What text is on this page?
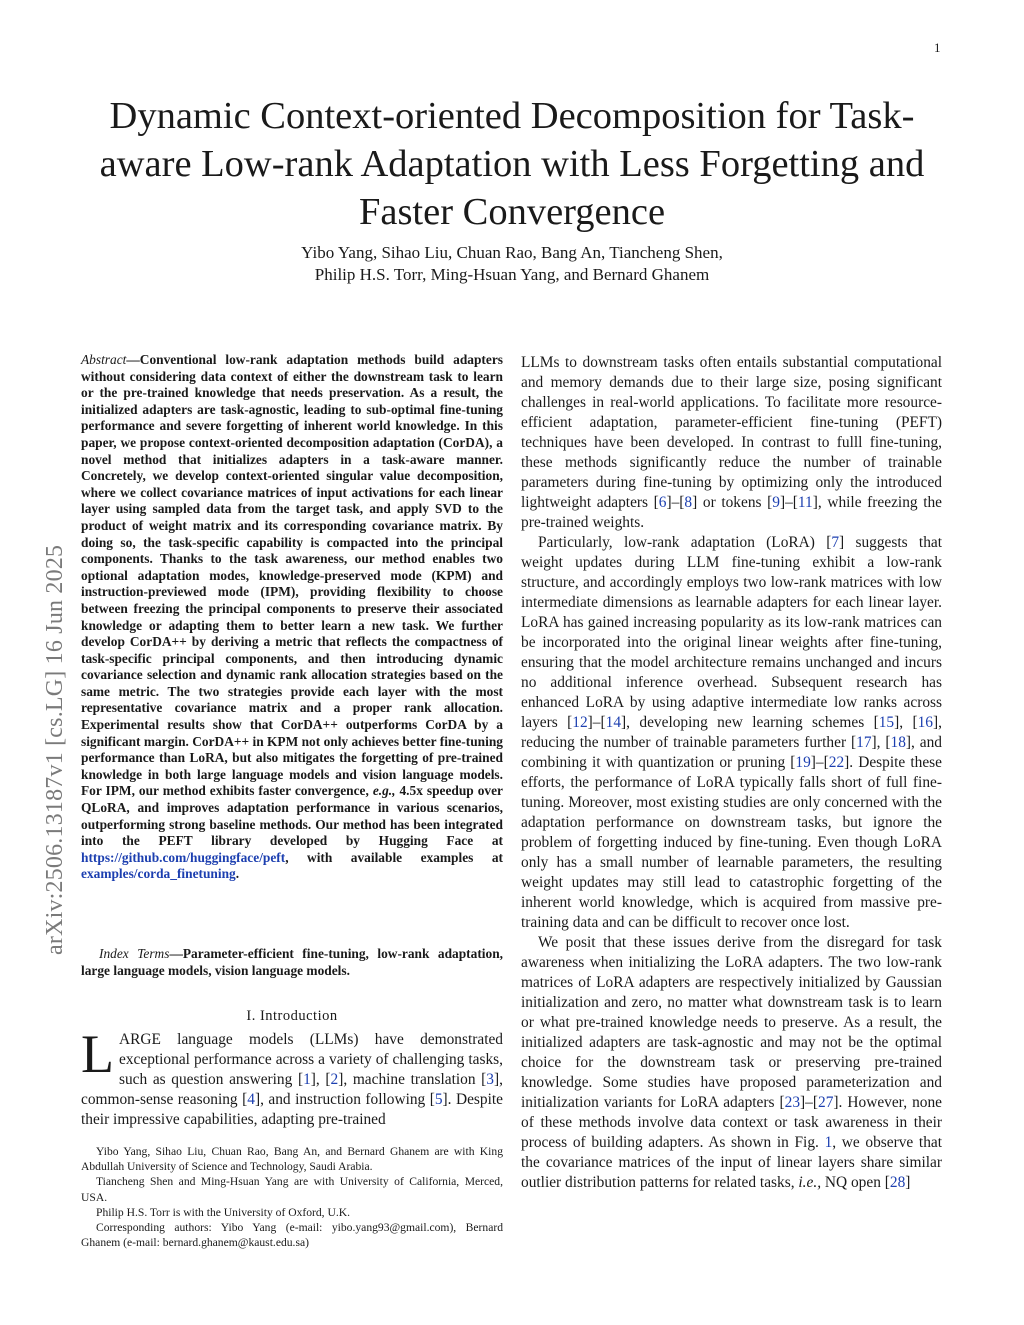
1
arXiv:2506.13187v1 [cs.LG] 16 Jun 2025
Dynamic Context-oriented Decomposition for Task-aware Low-rank Adaptation with Less Forgetting and Faster Convergence
Yibo Yang, Sihao Liu, Chuan Rao, Bang An, Tiancheng Shen,
Philip H.S. Torr, Ming-Hsuan Yang, and Bernard Ghanem
Abstract—Conventional low-rank adaptation methods build adapters without considering data context of either the downstream task to learn or the pre-trained knowledge that needs preservation. As a result, the initialized adapters are task-agnostic, leading to sub-optimal fine-tuning performance and severe forgetting of inherent world knowledge. In this paper, we propose context-oriented decomposition adaptation (CorDA), a novel method that initializes adapters in a task-aware manner. Concretely, we develop context-oriented singular value decomposition, where we collect covariance matrices of input activations for each linear layer using sampled data from the target task, and apply SVD to the product of weight matrix and its corresponding covariance matrix. By doing so, the task-specific capability is compacted into the principal components. Thanks to the task awareness, our method enables two optional adaptation modes, knowledge-preserved mode (KPM) and instruction-previewed mode (IPM), providing flexibility to choose between freezing the principal components to preserve their associated knowledge or adapting them to better learn a new task. We further develop CorDA++ by deriving a metric that reflects the compactness of task-specific principal components, and then introducing dynamic covariance selection and dynamic rank allocation strategies based on the same metric. The two strategies provide each layer with the most representative covariance matrix and a proper rank allocation. Experimental results show that CorDA++ outperforms CorDA by a significant margin. CorDA++ in KPM not only achieves better fine-tuning performance than LoRA, but also mitigates the forgetting of pre-trained knowledge in both large language models and vision language models. For IPM, our method exhibits faster convergence, e.g., 4.5x speedup over QLoRA, and improves adaptation performance in various scenarios, outperforming strong baseline methods. Our method has been integrated into the PEFT library developed by Hugging Face at https://github.com/huggingface/peft, with available examples at examples/corda_finetuning.
Index Terms—Parameter-efficient fine-tuning, low-rank adaptation, large language models, vision language models.
I. Introduction
LARGE language models (LLMs) have demonstrated exceptional performance across a variety of challenging tasks, such as question answering [1], [2], machine translation [3], common-sense reasoning [4], and instruction following [5]. Despite their impressive capabilities, adapting pre-trained

Yibo Yang, Sihao Liu, Chuan Rao, Bang An, and Bernard Ghanem are with King Abdullah University of Science and Technology, Saudi Arabia.

Tiancheng Shen and Ming-Hsuan Yang are with University of California, Merced, USA.

Philip H.S. Torr is with the University of Oxford, U.K.

Corresponding authors: Yibo Yang (e-mail: yibo.yang93@gmail.com), Bernard Ghanem (e-mail: bernard.ghanem@kaust.edu.sa)

LLMs to downstream tasks often entails substantial computational and memory demands due to their large size, posing significant challenges in real-world applications. To facilitate more resource-efficient adaptation, parameter-efficient fine-tuning (PEFT) techniques have been developed. In contrast to fulll fine-tuning, these methods significantly reduce the number of trainable parameters during fine-tuning by optimizing only the introduced lightweight adapters [6]–[8] or tokens [9]–[11], while freezing the pre-trained weights.

Particularly, low-rank adaptation (LoRA) [7] suggests that weight updates during LLM fine-tuning exhibit a low-rank structure, and accordingly employs two low-rank matrices with low intermediate dimensions as learnable adapters for each linear layer. LoRA has gained increasing popularity as its low-rank matrices can be incorporated into the original linear weights after fine-tuning, ensuring that the model architecture remains unchanged and incurs no additional inference overhead. Subsequent research has enhanced LoRA by using adaptive intermediate low ranks across layers [12]–[14], developing new learning schemes [15], [16], reducing the number of trainable parameters further [17], [18], and combining it with quantization or pruning [19]–[22]. Despite these efforts, the performance of LoRA typically falls short of full fine-tuning. Moreover, most existing studies are only concerned with the adaptation performance on downstream tasks, but ignore the problem of forgetting induced by fine-tuning. Even though LoRA only has a small number of learnable parameters, the resulting weight updates may still lead to catastrophic forgetting of the inherent world knowledge, which is acquired from massive pre-training data and can be difficult to recover once lost.

We posit that these issues derive from the disregard for task awareness when initializing the LoRA adapters. The two low-rank matrices of LoRA adapters are respectively initialized by Gaussian initialization and zero, no matter what downstream task is to learn or what pre-trained knowledge needs to preserve. As a result, the initialized adapters are task-agnostic and may not be the optimal choice for the downstream task or preserving pre-trained knowledge. Some studies have proposed parameterization and initialization variants for LoRA adapters [23]–[27]. However, none of these methods involve data context or task awareness in their process of building adapters. As shown in Fig. 1, we observe that the covariance matrices of the input of linear layers share similar outlier distribution patterns for related tasks, i.e., NQ open [28]
